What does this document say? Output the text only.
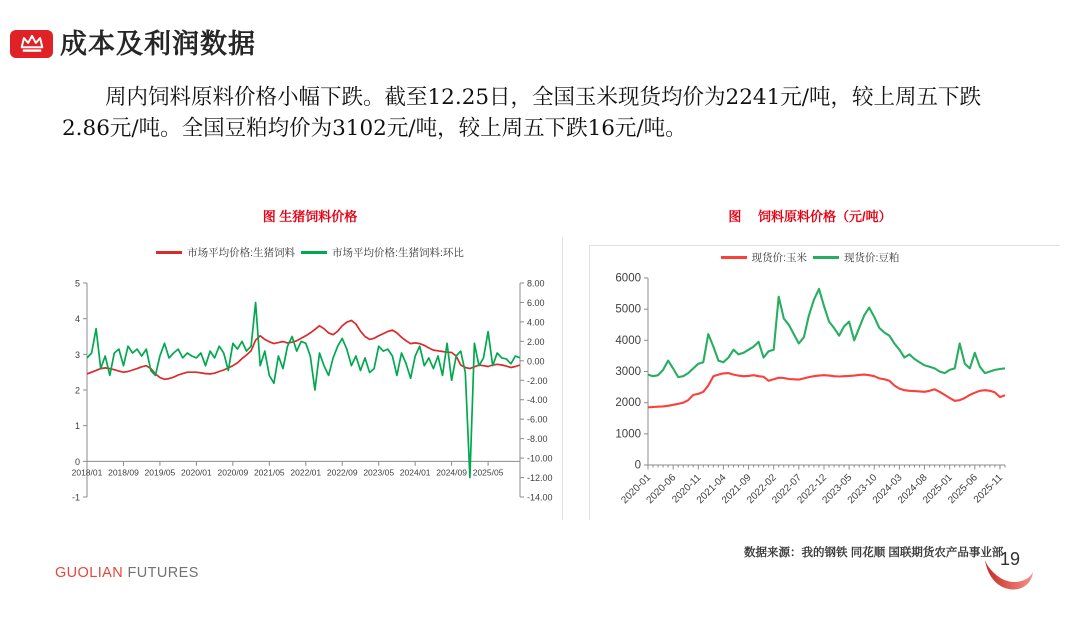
成本及利润数据

周内饲料原料价格小幅下跌。截至12.25日，全国玉米现货均价为2241元/吨，较上周五下跌2.86元/吨。全国豆粕均价为3102元/吨，较上周五下跌16元/吨。

图 生猪饲料价格
市场平均价格:生猪饲料	市场平均价格:生猪饲料:环比
5
4
3
2
1
0
-1
8.00
6.00
4.00
2.00
0.00
-2.00
-4.00
-6.00
-8.00
-10.00
-12.00
-14.00
2018/01 2018/09 2019/05 2020/01 2020/09 2021/05 2022/01 2022/09 2023/05 2024/01 2024/09 2025/05
图　 饲料原料价格（元/吨）
现货价:玉米	现货价:豆粕
6000
5000
4000
3000
2000
1000
0
2020-01
2020-06
2020-11
2021-04
2021-09
2022-02
2022-07
2022-12
2023-05
2023-10
2024-03
2024-08
2025-01
2025-06
2025-11
GUOLIAN FUTURES
数据来源：我的钢铁 同花顺 国联期货农产品事业部
19
